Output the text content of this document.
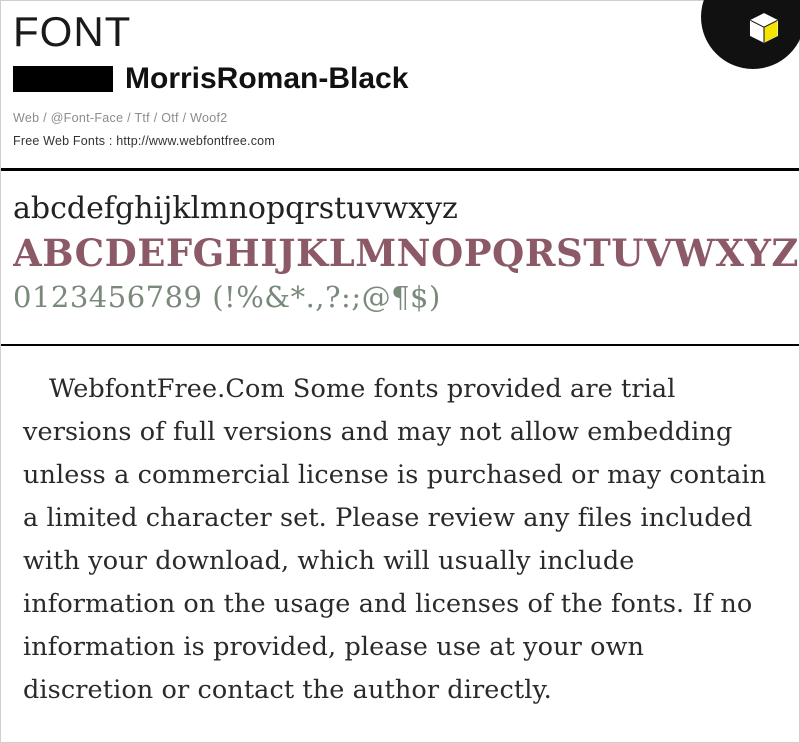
FONT
MorrisRoman-Black
Web / @Font-Face / Ttf / Otf / Woof2
Free Web Fonts : http://www.webfontfree.com
abcdefghijklmnopqrstuvwxyz
ABCDEFGHIJKLMNOPQRSTUVWXYZ
0123456789 (!%&*.,?:;@¶$)
WebfontFree.Com Some fonts provided are trial versions of full versions and may not allow embedding unless a commercial license is purchased or may contain a limited character set. Please review any files included with your download, which will usually include information on the usage and licenses of the fonts. If no information is provided, please use at your own discretion or contact the author directly.
